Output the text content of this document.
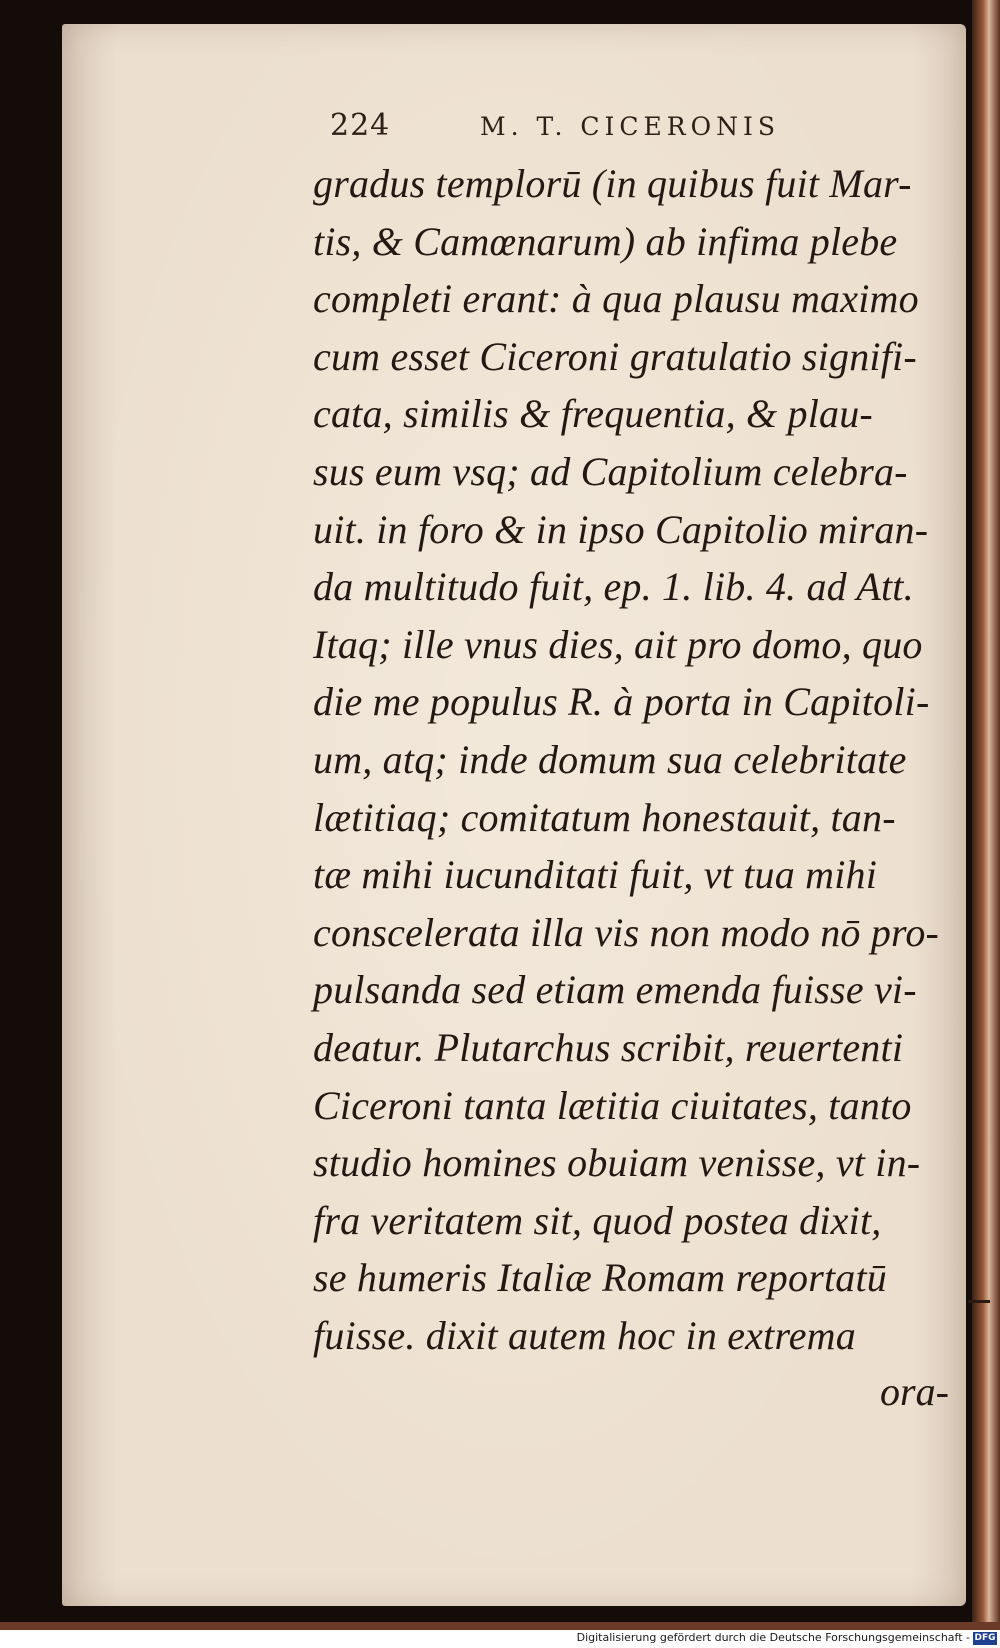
224	M. T. CICERONIS
gradus templorū (in quibus fuit Mar-
tis, & Camœnarum) ab infima plebe
completi erant: à qua plausu maximo
cum esset Ciceroni gratulatio signifi-
cata, similis & frequentia, & plau-
sus eum vsq; ad Capitolium celebra-
uit. in foro & in ipso Capitolio miran-
da multitudo fuit, ep. 1. lib. 4. ad Att.
Itaq; ille vnus dies, ait pro domo, quo
die me populus R. à porta in Capitoli-
um, atq; inde domum sua celebritate
lætitiaq; comitatum honestauit, tan-
tæ mihi iucunditati fuit, vt tua mihi
conscelerata illa vis non modo nō pro-
pulsanda sed etiam emenda fuisse vi-
deatur. Plutarchus scribit, reuertenti
Ciceroni tanta lætitia ciuitates, tanto
studio homines obuiam venisse, vt in-
fra veritatem sit, quod postea dixit,
se humeris Italiæ Romam reportatū
fuisse. dixit autem hoc in extrema
ora-
Digitalisierung gefördert durch die Deutsche Forschungsgemeinschaft - DFG
